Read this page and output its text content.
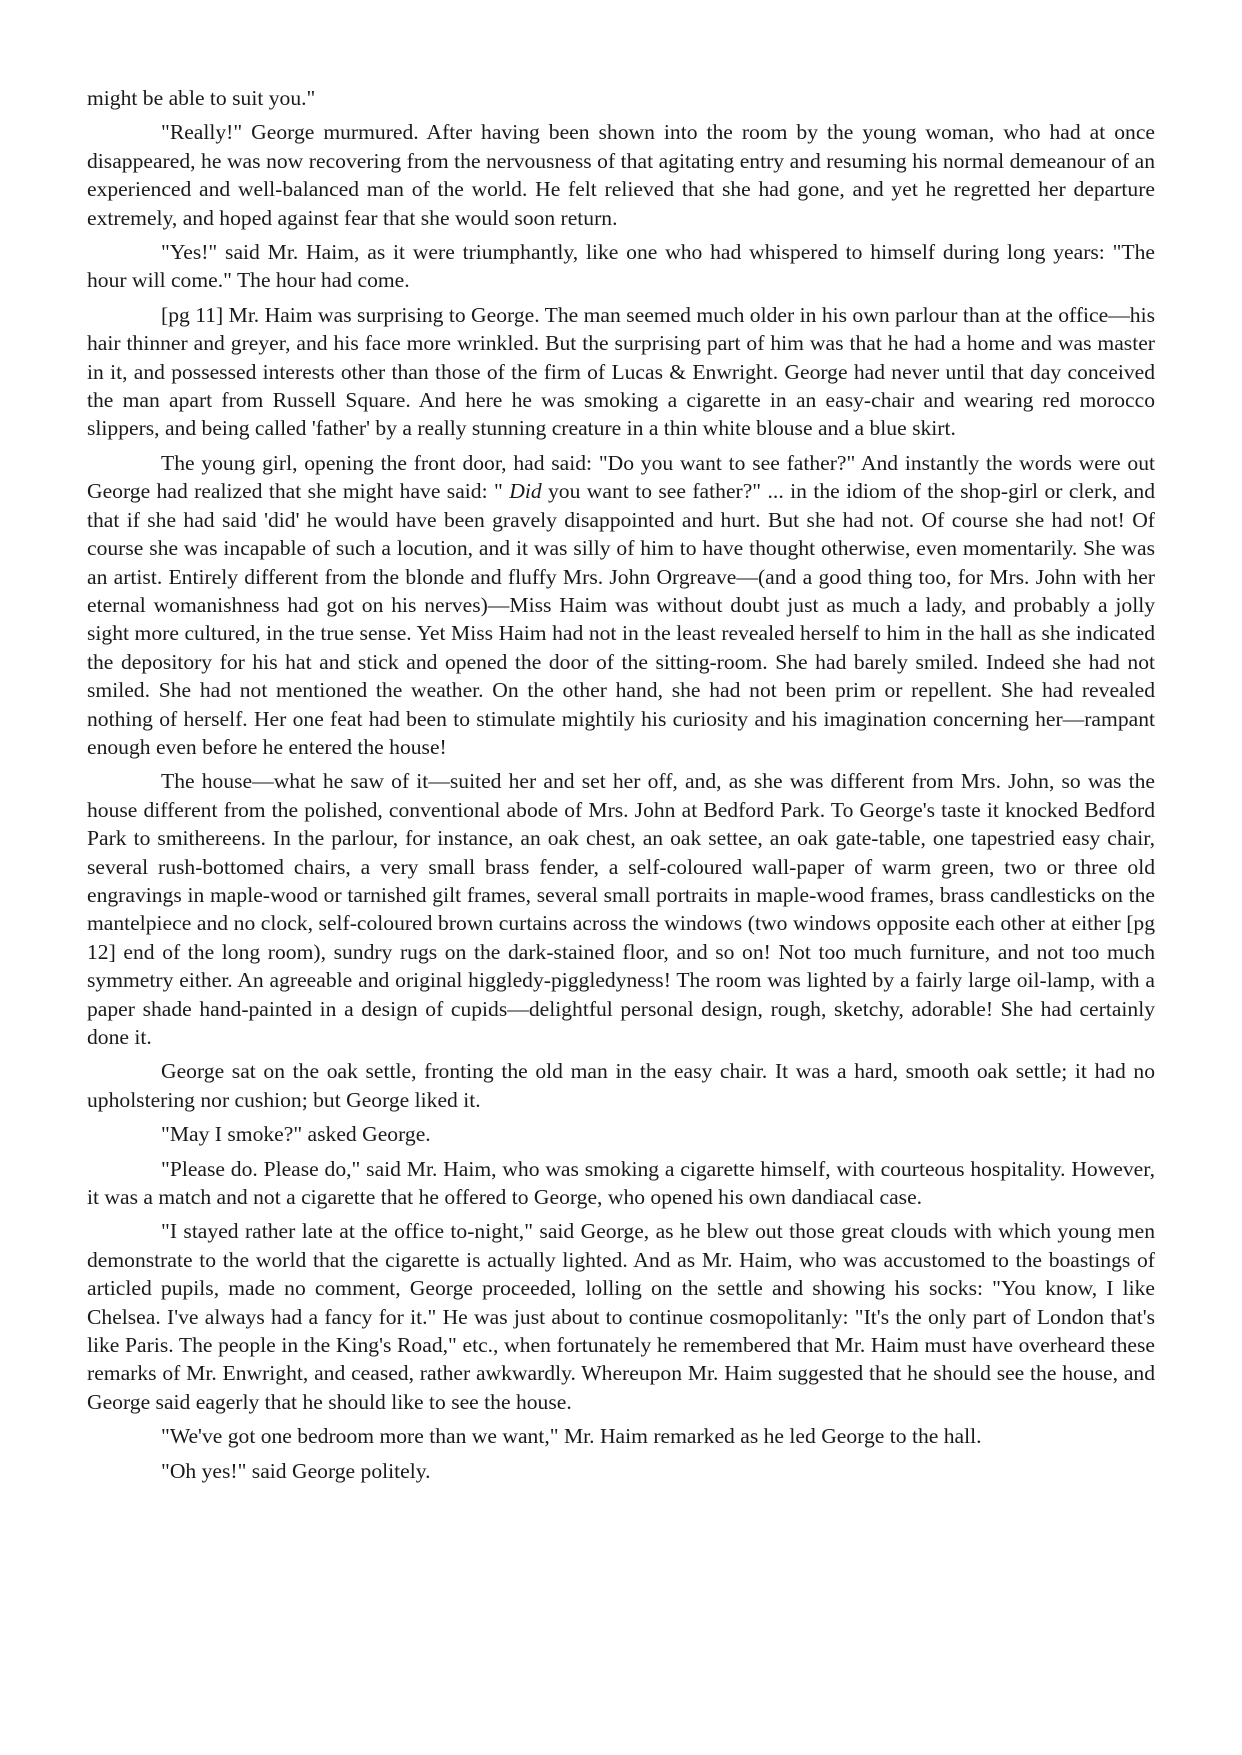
might be able to suit you."

"Really!" George murmured. After having been shown into the room by the young woman, who had at once disappeared, he was now recovering from the nervousness of that agitating entry and resuming his normal demeanour of an experienced and well-balanced man of the world. He felt relieved that she had gone, and yet he regretted her departure extremely, and hoped against fear that she would soon return.

"Yes!" said Mr. Haim, as it were triumphantly, like one who had whispered to himself during long years: "The hour will come." The hour had come.

[pg 11] Mr. Haim was surprising to George. The man seemed much older in his own parlour than at the office—his hair thinner and greyer, and his face more wrinkled. But the surprising part of him was that he had a home and was master in it, and possessed interests other than those of the firm of Lucas & Enwright. George had never until that day conceived the man apart from Russell Square. And here he was smoking a cigarette in an easy-chair and wearing red morocco slippers, and being called 'father' by a really stunning creature in a thin white blouse and a blue skirt.

The young girl, opening the front door, had said: "Do you want to see father?" And instantly the words were out George had realized that she might have said: " Did you want to see father?" ... in the idiom of the shop-girl or clerk, and that if she had said 'did' he would have been gravely disappointed and hurt. But she had not. Of course she had not! Of course she was incapable of such a locution, and it was silly of him to have thought otherwise, even momentarily. She was an artist. Entirely different from the blonde and fluffy Mrs. John Orgreave—(and a good thing too, for Mrs. John with her eternal womanishness had got on his nerves)—Miss Haim was without doubt just as much a lady, and probably a jolly sight more cultured, in the true sense. Yet Miss Haim had not in the least revealed herself to him in the hall as she indicated the depository for his hat and stick and opened the door of the sitting-room. She had barely smiled. Indeed she had not smiled. She had not mentioned the weather. On the other hand, she had not been prim or repellent. She had revealed nothing of herself. Her one feat had been to stimulate mightily his curiosity and his imagination concerning her—rampant enough even before he entered the house!

The house—what he saw of it—suited her and set her off, and, as she was different from Mrs. John, so was the house different from the polished, conventional abode of Mrs. John at Bedford Park. To George's taste it knocked Bedford Park to smithereens. In the parlour, for instance, an oak chest, an oak settee, an oak gate-table, one tapestried easy chair, several rush-bottomed chairs, a very small brass fender, a self-coloured wall-paper of warm green, two or three old engravings in maple-wood or tarnished gilt frames, several small portraits in maple-wood frames, brass candlesticks on the mantelpiece and no clock, self-coloured brown curtains across the windows (two windows opposite each other at either [pg 12] end of the long room), sundry rugs on the dark-stained floor, and so on! Not too much furniture, and not too much symmetry either. An agreeable and original higgledy-piggledyness! The room was lighted by a fairly large oil-lamp, with a paper shade hand-painted in a design of cupids—delightful personal design, rough, sketchy, adorable! She had certainly done it.

George sat on the oak settle, fronting the old man in the easy chair. It was a hard, smooth oak settle; it had no upholstering nor cushion; but George liked it.

"May I smoke?" asked George.

"Please do. Please do," said Mr. Haim, who was smoking a cigarette himself, with courteous hospitality. However, it was a match and not a cigarette that he offered to George, who opened his own dandiacal case.

"I stayed rather late at the office to-night," said George, as he blew out those great clouds with which young men demonstrate to the world that the cigarette is actually lighted. And as Mr. Haim, who was accustomed to the boastings of articled pupils, made no comment, George proceeded, lolling on the settle and showing his socks: "You know, I like Chelsea. I've always had a fancy for it." He was just about to continue cosmopolitanly: "It's the only part of London that's like Paris. The people in the King's Road," etc., when fortunately he remembered that Mr. Haim must have overheard these remarks of Mr. Enwright, and ceased, rather awkwardly. Whereupon Mr. Haim suggested that he should see the house, and George said eagerly that he should like to see the house.

"We've got one bedroom more than we want," Mr. Haim remarked as he led George to the hall.

"Oh yes!" said George politely.
